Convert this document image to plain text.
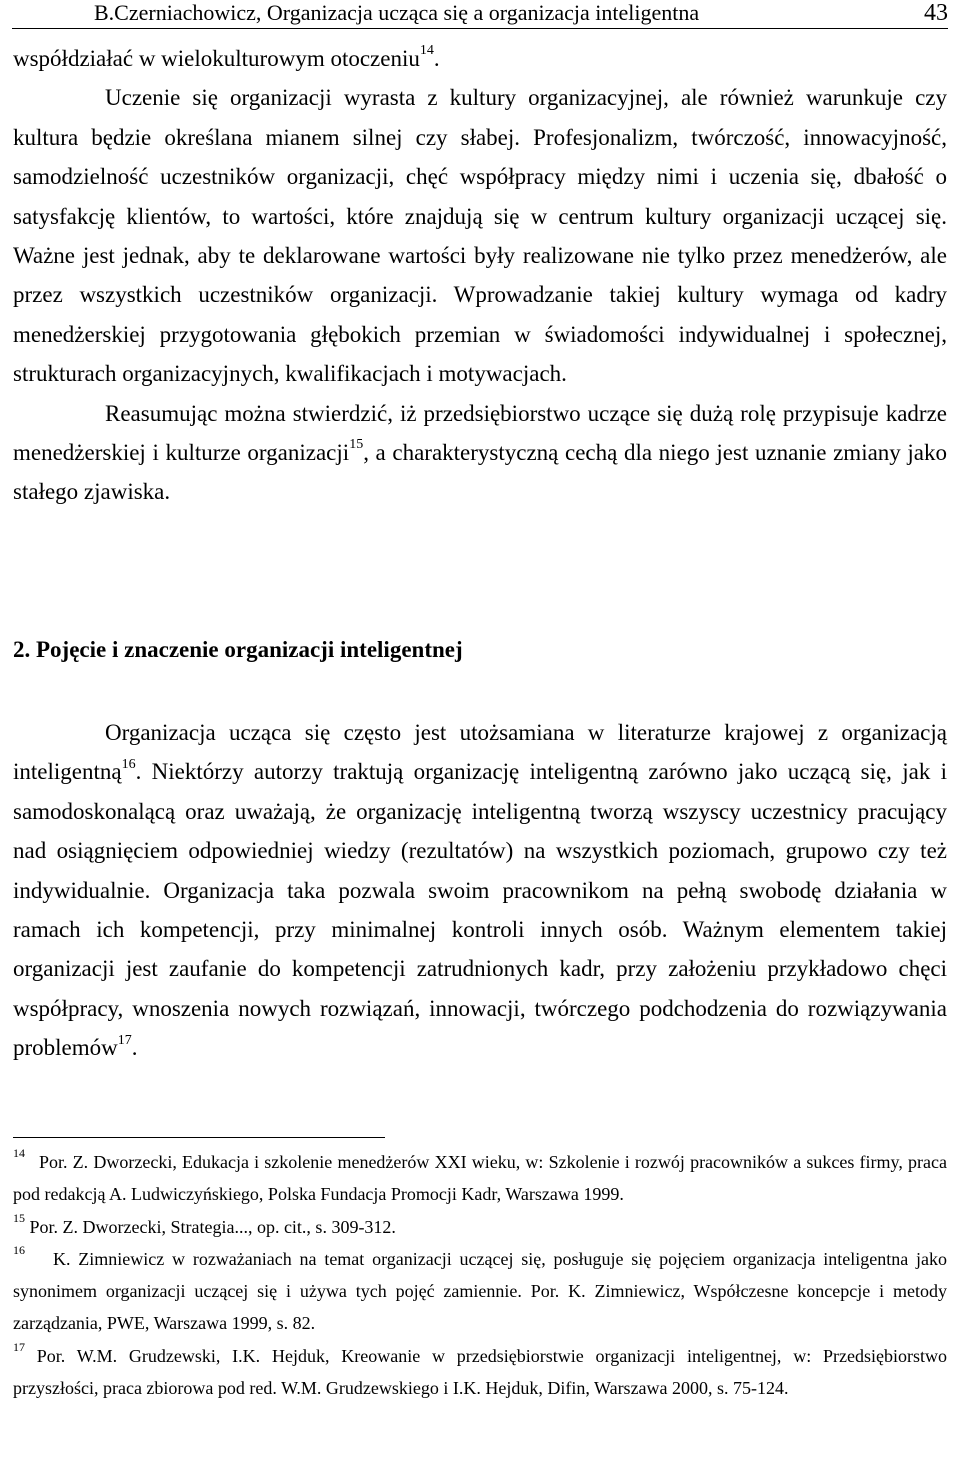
B.Czerniachowicz, Organizacja ucząca się a organizacja inteligentna	43

współdziałać w wielokulturowym otoczeniu$^{14}$.

Uczenie się organizacji wyrasta z kultury organizacyjnej, ale również warunkuje czy kultura będzie określana mianem silnej czy słabej. Profesjonalizm, twórczość, innowacyjność, samodzielność uczestników organizacji, chęć współpracy między nimi i uczenia się, dbałość o satysfakcję klientów, to wartości, które znajdują się w centrum kultury organizacji uczącej się. Ważne jest jednak, aby te deklarowane wartości były realizowane nie tylko przez menedżerów, ale przez wszystkich uczestników organizacji. Wprowadzanie takiej kultury wymaga od kadry menedżerskiej przygotowania głębokich przemian w świadomości indywidualnej i społecznej, strukturach organizacyjnych, kwalifikacjach i motywacjach.

Reasumując można stwierdzić, iż przedsiębiorstwo uczące się dużą rolę przypisuje kadrze menedżerskiej i kulturze organizacji$^{15}$, a charakterystyczną cechą dla niego jest uznanie zmiany jako stałego zjawiska.

2. Pojęcie i znaczenie organizacji inteligentnej

Organizacja ucząca się często jest utożsamiana w literaturze krajowej z organizacją inteligentną$^{16}$. Niektórzy autorzy traktują organizację inteligentną zarówno jako uczącą się, jak i samodoskonalącą oraz uważają, że organizację inteligentną tworzą wszyscy uczestnicy pracujący nad osiągnięciem odpowiedniej wiedzy (rezultatów) na wszystkich poziomach, grupowo czy też indywidualnie. Organizacja taka pozwala swoim pracownikom na pełną swobodę działania w ramach ich kompetencji, przy minimalnej kontroli innych osób. Ważnym elementem takiej organizacji jest zaufanie do kompetencji zatrudnionych kadr, przy założeniu przykładowo chęci współpracy, wnoszenia nowych rozwiązań, innowacji, twórczego podchodzenia do rozwiązywania problemów$^{17}$.

$^{14}$ Por. Z. Dworzecki, Edukacja i szkolenie menedżerów XXI wieku, w: Szkolenie i rozwój pracowników a sukces firmy, praca pod redakcją A. Ludwiczyńskiego, Polska Fundacja Promocji Kadr, Warszawa 1999.

$^{15}$ Por. Z. Dworzecki, Strategia..., op. cit., s. 309-312.

$^{16}$ K. Zimniewicz w rozważaniach na temat organizacji uczącej się, posługuje się pojęciem organizacja inteligentna jako synonimem organizacji uczącej się i używa tych pojęć zamiennie. Por. K. Zimniewicz, Współczesne koncepcje i metody zarządzania, PWE, Warszawa 1999, s. 82.

$^{17}$ Por. W.M. Grudzewski, I.K. Hejduk, Kreowanie w przedsiębiorstwie organizacji inteligentnej, w: Przedsiębiorstwo przyszłości, praca zbiorowa pod red. W.M. Grudzewskiego i I.K. Hejduk, Difin, Warszawa 2000, s. 75-124.
